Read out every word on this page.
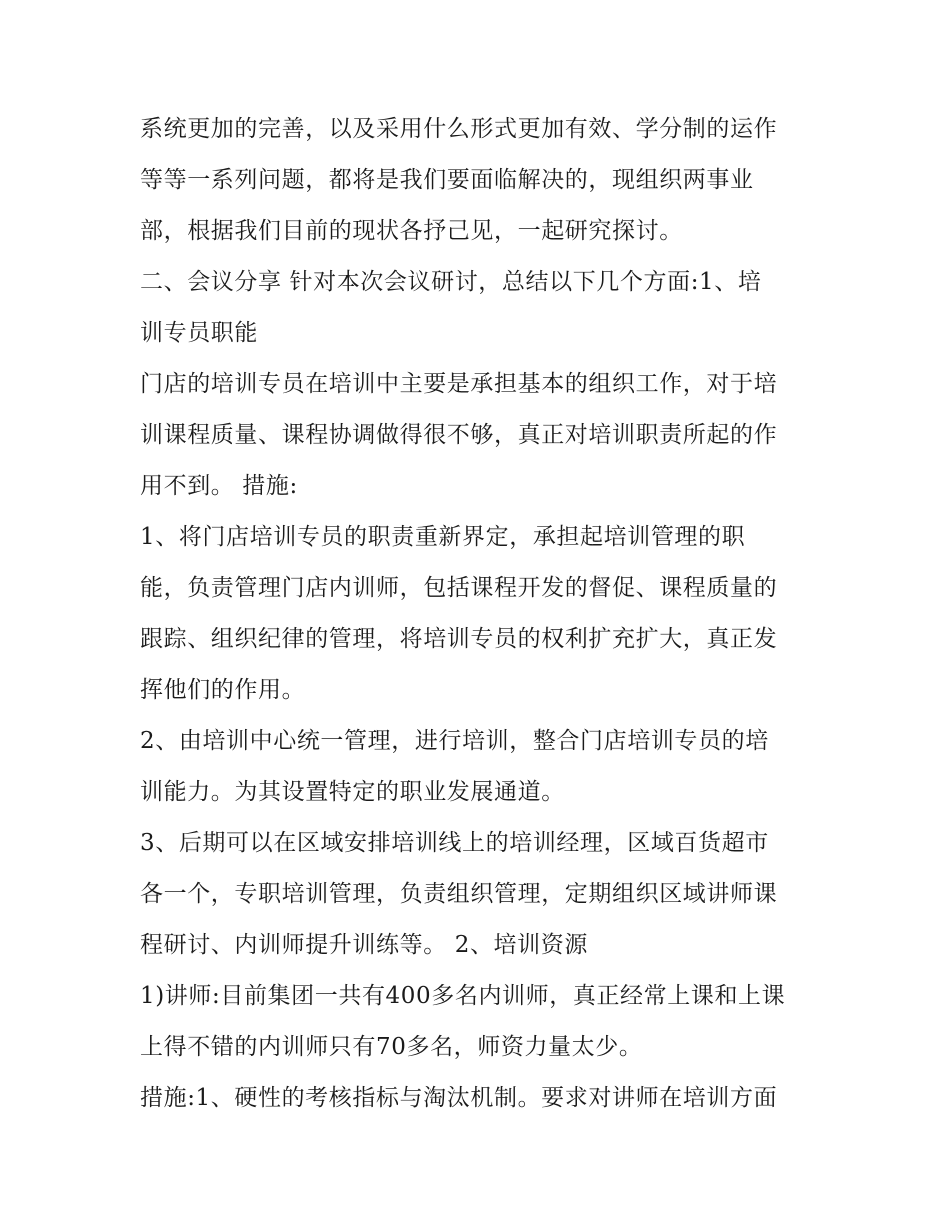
系统更加的完善，以及采用什么形式更加有效、学分制的运作
等等一系列问题，都将是我们要面临解决的，现组织两事业
部，根据我们目前的现状各抒己见，一起研究探讨。
二、会议分享 针对本次会议研讨，总结以下几个方面:1、培
训专员职能
门店的培训专员在培训中主要是承担基本的组织工作，对于培
训课程质量、课程协调做得很不够，真正对培训职责所起的作
用不到。 措施:
1、将门店培训专员的职责重新界定，承担起培训管理的职
能，负责管理门店内训师，包括课程开发的督促、课程质量的
跟踪、组织纪律的管理，将培训专员的权利扩充扩大，真正发
挥他们的作用。
2、由培训中心统一管理，进行培训，整合门店培训专员的培
训能力。为其设置特定的职业发展通道。
3、后期可以在区域安排培训线上的培训经理，区域百货超市
各一个，专职培训管理，负责组织管理，定期组织区域讲师课
程研讨、内训师提升训练等。 2、培训资源
1)讲师:目前集团一共有400多名内训师，真正经常上课和上课
上得不错的内训师只有70多名，师资力量太少。
措施:1、硬性的考核指标与淘汰机制。要求对讲师在培训方面
